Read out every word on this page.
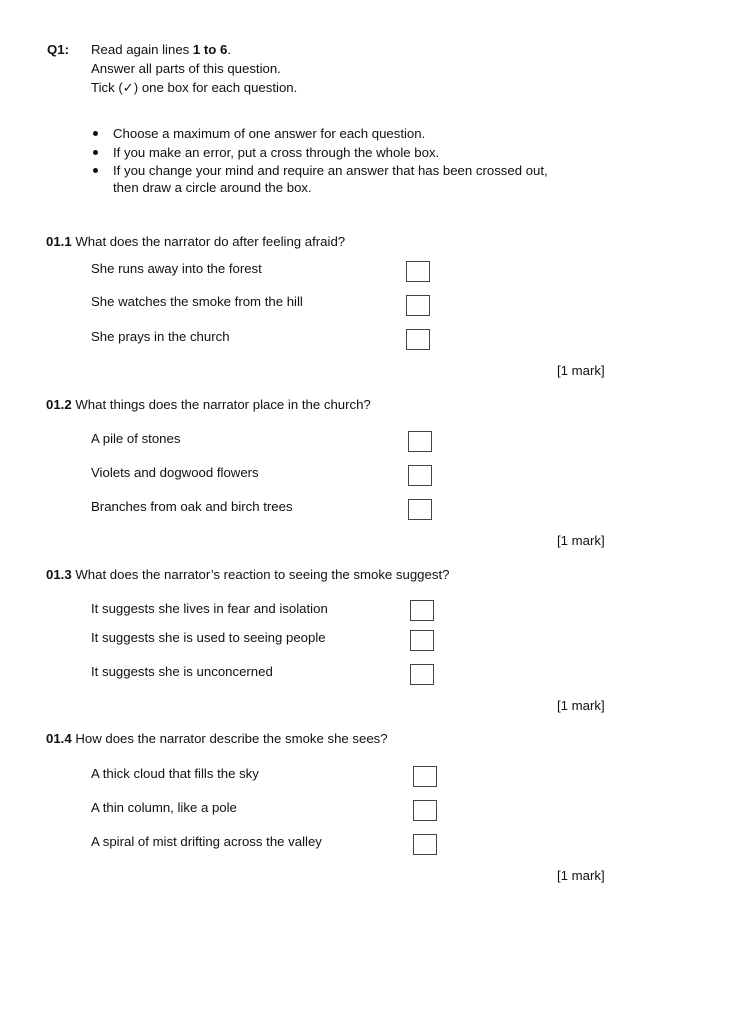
Q1: Read again lines 1 to 6.
Answer all parts of this question.
Tick (✓) one box for each question.
Choose a maximum of one answer for each question.
If you make an error, put a cross through the whole box.
If you change your mind and require an answer that has been crossed out,
then draw a circle around the box.
01.1 What does the narrator do after feeling afraid?
She runs away into the forest
She watches the smoke from the hill
She prays in the church
[1 mark]
01.2 What things does the narrator place in the church?
A pile of stones
Violets and dogwood flowers
Branches from oak and birch trees
[1 mark]
01.3 What does the narrator’s reaction to seeing the smoke suggest?
It suggests she lives in fear and isolation
It suggests she is used to seeing people
It suggests she is unconcerned
[1 mark]
01.4 How does the narrator describe the smoke she sees?
A thick cloud that fills the sky
A thin column, like a pole
A spiral of mist drifting across the valley
[1 mark]
